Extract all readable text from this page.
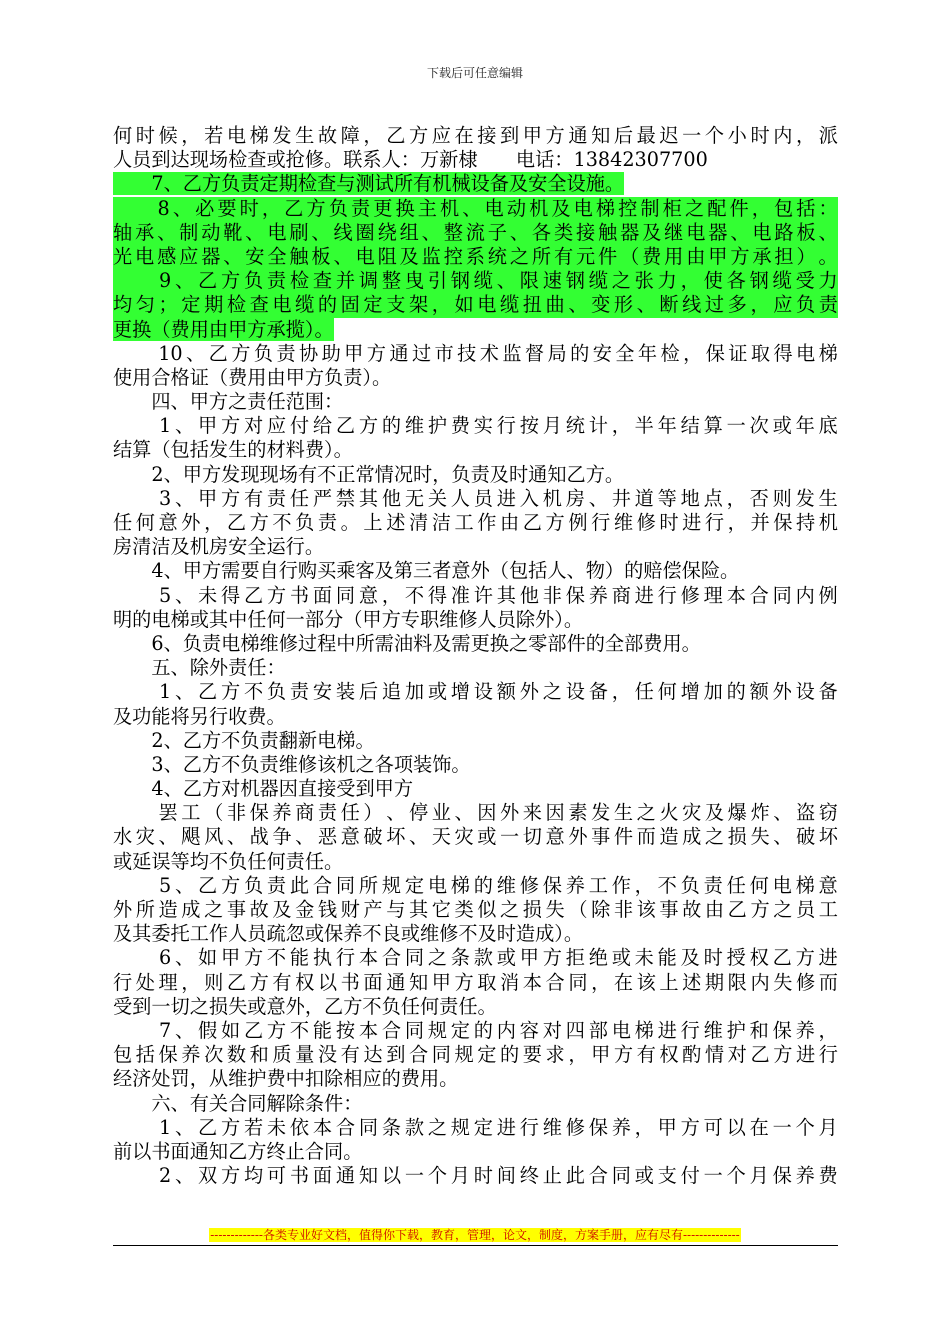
下载后可任意编辑
何 时 候 ， 若 电 梯 发 生 故 障 ， 乙 方 应 在 接 到 甲 方 通 知 后 最 迟 一 个 小 时 内 ， 派
人员到达现场检查或抢修。联系人：万新棣　　电话：13842307700
　　7、乙方负责定期检查与测试所有机械设备及安全设施。

8 、 必 要 时 ， 乙 方 负 责 更 换 主 机 、 电 动 机 及 电 梯 控 制 柜 之 配 件 ， 包 括 ：
轴 承 、 制 动 靴 、 电 刷 、 线 圈 绕 组 、 整 流 子 、 各 类 接 触 器 及 继 电 器 、 电 路 板 、
光 电 感 应 器 、 安 全 触 板 、 电 阻 及 监 控 系 统 之 所 有 元 件 （ 费 用 由 甲 方 承 担 ） 。

9 、 乙 方 负 责 检 查 并 调 整 曳 引 钢 缆 、 限 速 钢 缆 之 张 力 ， 使 各 钢 缆 受 力
均 匀 ； 定 期 检 查 电 缆 的 固 定 支 架 ， 如 电 缆 扭 曲 、 变 形 、 断 线 过 多 ， 应 负 责
更换（费用由甲方承揽）。

10 、 乙 方 负 责 协 助 甲 方 通 过 市 技 术 监 督 局 的 安 全 年 检 ， 保 证 取 得 电 梯
使用合格证（费用由甲方负责）。
　　四、甲方之责任范围：

1 、 甲 方 对 应 付 给 乙 方 的 维 护 费 实 行 按 月 统 计 ， 半 年 结 算 一 次 或 年 底
结算（包括发生的材料费）。
　　2、甲方发现现场有不正常情况时，负责及时通知乙方。

3 、 甲 方 有 责 任 严 禁 其 他 无 关 人 员 进 入 机 房 、 井 道 等 地 点 ， 否 则 发 生
任 何 意 外 ， 乙 方 不 负 责 。 上 述 清 洁 工 作 由 乙 方 例 行 维 修 时 进 行 ， 并 保 持 机
房清洁及机房安全运行。
　　4、甲方需要自行购买乘客及第三者意外（包括人、物）的赔偿保险。

5 、 未 得 乙 方 书 面 同 意 ， 不 得 准 许 其 他 非 保 养 商 进 行 修 理 本 合 同 内 例
明的电梯或其中任何一部分（甲方专职维修人员除外）。
　　6、负责电梯维修过程中所需油料及需更换之零部件的全部费用。
　　五、除外责任：

1 、 乙 方 不 负 责 安 装 后 追 加 或 增 设 额 外 之 设 备 ， 任 何 增 加 的 额 外 设 备
及功能将另行收费。
　　2、乙方不负责翻新电梯。
　　3、乙方不负责维修该机之各项装饰。
　　4、乙方对机器因直接受到甲方

罢 工 （ 非 保 养 商 责 任 ） 、 停 业 、 因 外 来 因 素 发 生 之 火 灾 及 爆 炸 、 盗 窃
水 灾 、 飓 风 、 战 争 、 恶 意 破 坏 、 天 灾 或 一 切 意 外 事 件 而 造 成 之 损 失 、 破 坏
或延误等均不负任何责任。

5 、 乙 方 负 责 此 合 同 所 规 定 电 梯 的 维 修 保 养 工 作 ， 不 负 责 任 何 电 梯 意
外 所 造 成 之 事 故 及 金 钱 财 产 与 其 它 类 似 之 损 失 （ 除 非 该 事 故 由 乙 方 之 员 工
及其委托工作人员疏忽或保养不良或维修不及时造成）。

6 、 如 甲 方 不 能 执 行 本 合 同 之 条 款 或 甲 方 拒 绝 或 未 能 及 时 授 权 乙 方 进
行 处 理 ， 则 乙 方 有 权 以 书 面 通 知 甲 方 取 消 本 合 同 ， 在 该 上 述 期 限 内 失 修 而
受到一切之损失或意外，乙方不负任何责任。

7 、 假 如 乙 方 不 能 按 本 合 同 规 定 的 内 容 对 四 部 电 梯 进 行 维 护 和 保 养 ，
包 括 保 养 次 数 和 质 量 没 有 达 到 合 同 规 定 的 要 求 ， 甲 方 有 权 酌 情 对 乙 方 进 行
经济处罚，从维护费中扣除相应的费用。
　　六、有关合同解除条件：

1 、 乙 方 若 未 依 本 合 同 条 款 之 规 定 进 行 维 修 保 养 ， 甲 方 可 以 在 一 个 月
前以书面通知乙方终止合同。

2 、 双 方 均 可 书 面 通 知 以 一 个 月 时 间 终 止 此 合 同 或 支 付 一 个 月 保 养 费
-------------各类专业好文档，值得你下载，教育，管理，论文，制度，方案手册，应有尽有--------------
